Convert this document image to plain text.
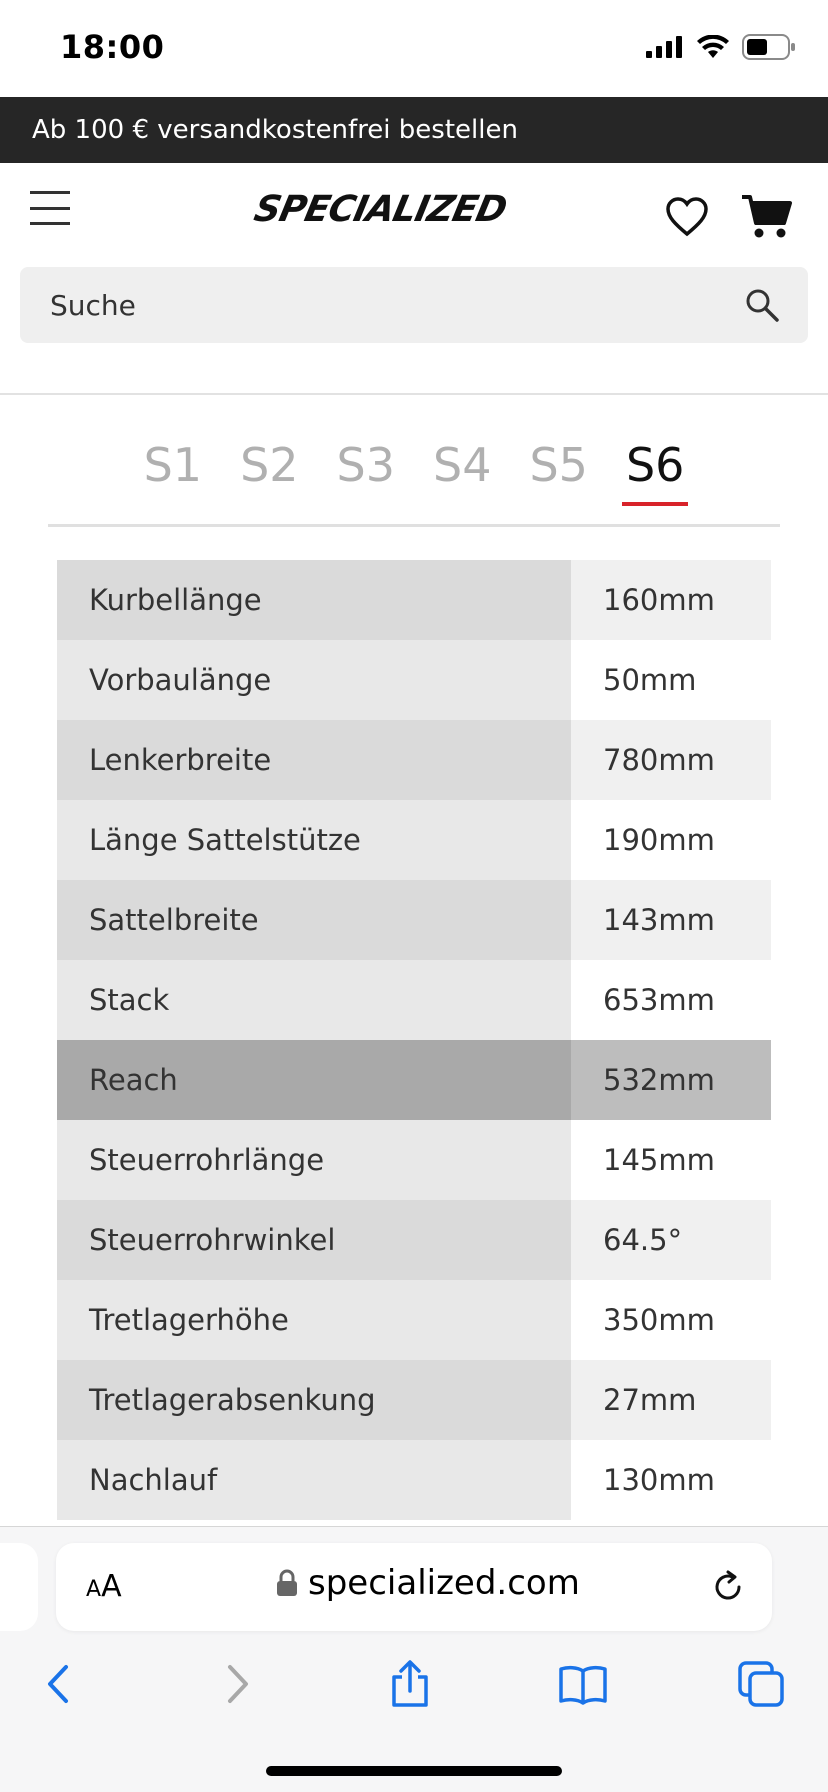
18:00
Ab 100 € versandkostenfrei bestellen
SPECIALIZED
Suche
S1 S2 S3 S4 S5 S6
Kurbellänge	160mm
Vorbaulänge	50mm
Lenkerbreite	780mm
Länge Sattelstütze	190mm
Sattelbreite	143mm
Stack	653mm
Reach	532mm
Steuerrohrlänge	145mm
Steuerrohrwinkel	64.5°
Tretlagerhöhe	350mm
Tretlagerabsenkung	27mm
Nachlauf	130mm
AA	specialized.com
